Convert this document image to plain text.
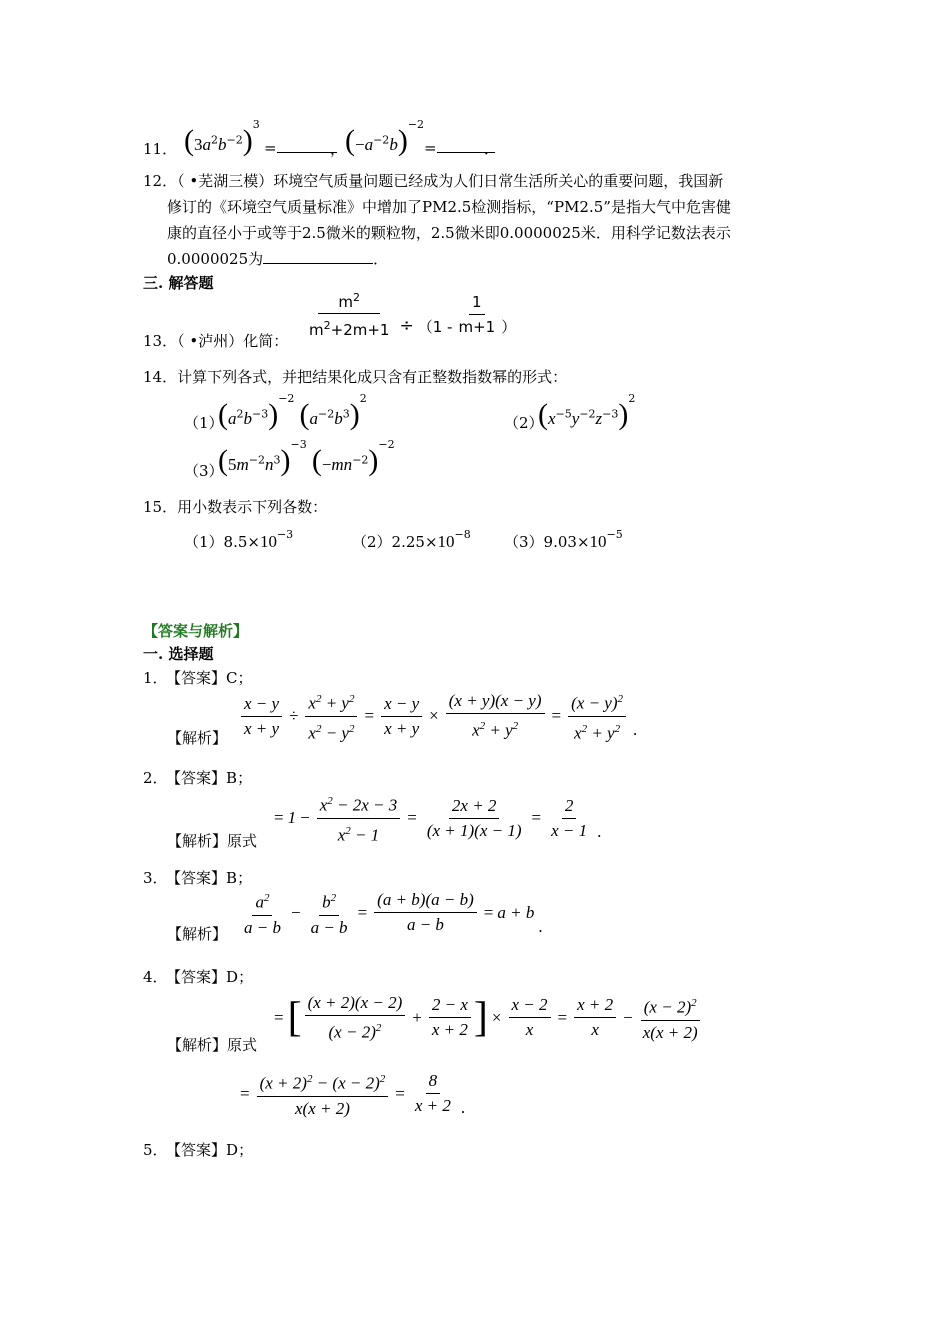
11． $(3a^2b^{-2})^3$
=	， $(-a^{-2}b)^{-2}$
=	．
12．（ •芜湖三模）环境空气质量问题已经成为人们日常生活所关心的重要问题，我国新
修订的《环境空气质量标准》中增加了PM2.5检测指标，“PM2.5”是指大气中危害健
康的直径小于或等于2.5微米的颗粒物，2.5微米即0.0000025米．用科学记数法表示
0.0000025为	．
三. 解答题
13．（ •泸州）化简： $\frac{m^2}{m^2+2m+1} \div (1 - \frac{1}{m+1}$ ）
14．计算下列各式，并把结果化成只含有正整数指数幂的形式：
（1）
$(a^2b^{-3})^{-2}$ $(a^{-2}b^3)^2$
（2）
$(x^{-5}y^{-2}z^{-3})^2$
（3）
$(5m^{-2}n^3)^{-3}$ $(-mn^{-2})^{-2}$
15．用小数表示下列各数：
$(1)8.5\times 10^{-3}$	$(2)2.25\times 10^{-8}$ $(3)9.03\times 10^{-5}$
【答案与解析】
一. 选择题
1． 【答案】C；
【解析】 $\frac{x - y}{x + y} \div \frac{x^2 + y^2}{x^2 - y^2} = \frac{x - y}{x + y} \times \frac{(x + y)(x - y)}{x^2 + y^2} = \frac{(x - y)^2}{x^2 + y^2}$ .
2． 【答案】B；
【解析】原式
= $1 - \frac{x^2 - 2x - 3}{x^2 - 1} = \frac{2x + 2}{(x + 1)(x - 1)} = \frac{2}{x - 1}$ .
3． 【答案】B；
【解析】 $\frac{a^2}{a - b} - \frac{b^2}{a - b} = \frac{(a + b)(a - b)}{a - b} = a + b$
.
4． 【答案】D；
【解析】原式
= [ $\frac{(x + 2)(x - 2)}{(x - 2)^2} + \frac{2 - x}{x + 2}$ ] × $\frac{x - 2}{x} = \frac{x + 2}{x} - \frac{(x - 2)^2}{x(x + 2)}$
= $\frac{(x + 2)^2 - (x - 2)^2}{x(x + 2)} = \frac{8}{x + 2}$ .
5． 【答案】D；
